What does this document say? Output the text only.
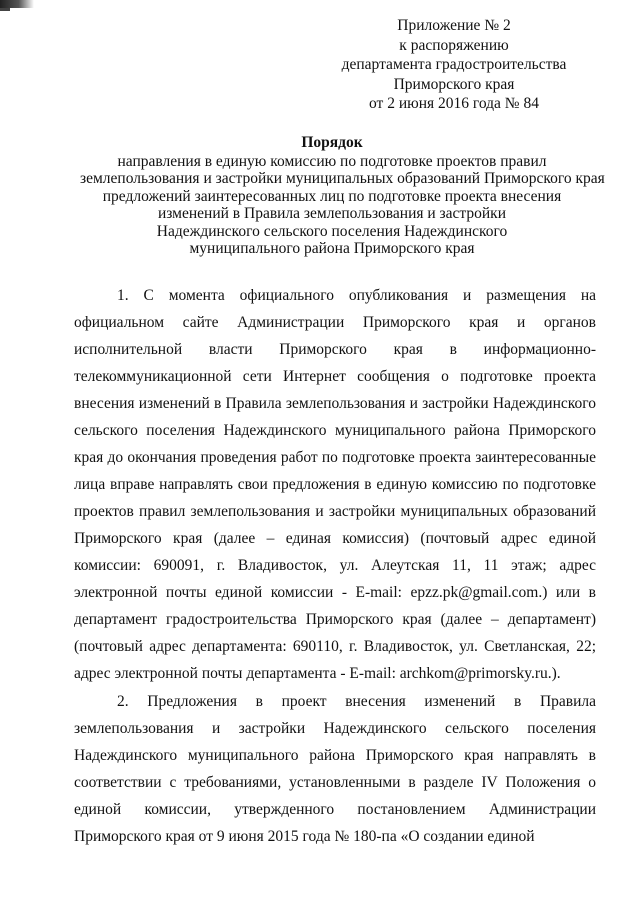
Приложение № 2
к распоряжению
департамента градостроительства
Приморского края
от 2 июня 2016 года № 84
Порядок
направления в единую комиссию по подготовке проектов правил
землепользования и застройки муниципальных образований Приморского края
предложений заинтересованных лиц по подготовке проекта внесения
изменений в Правила землепользования и застройки
Надеждинского сельского поселения Надеждинского
муниципального района Приморского края

1. С момента официального опубликования и размещения на официальном сайте Администрации Приморского края и органов исполнительной власти Приморского края в информационно-телекоммуникационной сети Интернет сообщения о подготовке проекта внесения изменений в Правила землепользования и застройки Надеждинского сельского поселения Надеждинского муниципального района Приморского края до окончания проведения работ по подготовке проекта заинтересованные лица вправе направлять свои предложения в единую комиссию по подготовке проектов правил землепользования и застройки муниципальных образований Приморского края (далее – единая комиссия) (почтовый адрес единой комиссии: 690091, г. Владивосток, ул. Алеутская 11, 11 этаж; адрес электронной почты единой комиссии - E-mail: epzz.pk@gmail.com.) или в департамент градостроительства Приморского края (далее – департамент) (почтовый адрес департамента: 690110, г. Владивосток, ул. Светланская, 22; адрес электронной почты департамента - E-mail: archkom@primorsky.ru.).

2. Предложения в проект внесения изменений в Правила землепользования и застройки Надеждинского сельского поселения Надеждинского муниципального района Приморского края направлять в соответствии с требованиями, установленными в разделе IV Положения о единой комиссии, утвержденного постановлением Администрации Приморского края от 9 июня 2015 года № 180-па «О создании единой
